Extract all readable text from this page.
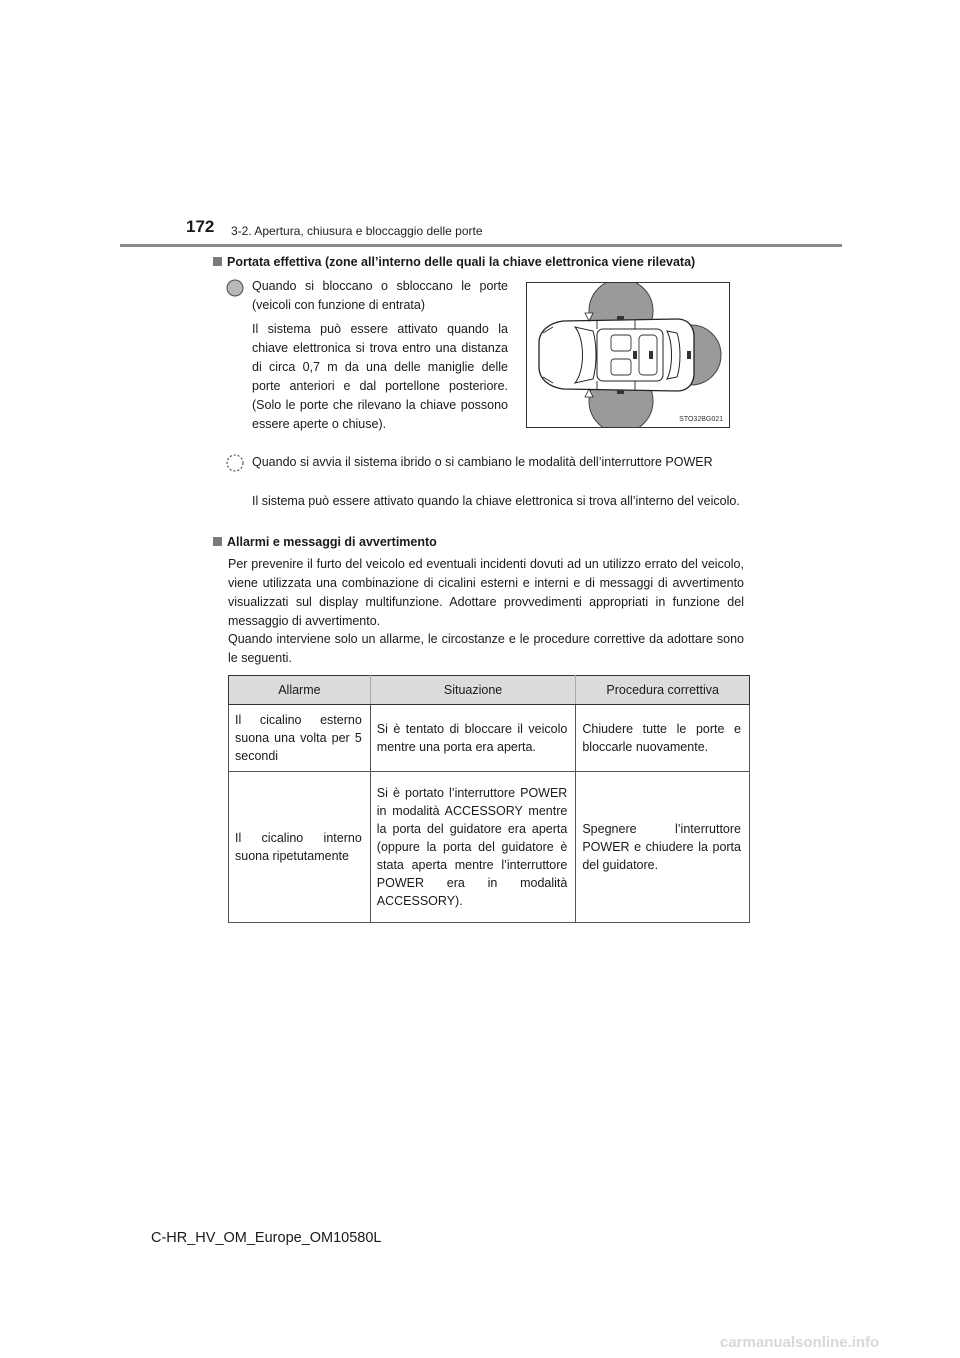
172 3-2. Apertura, chiusura e bloccaggio delle porte
Portata effettiva (zone all’interno delle quali la chiave elettronica viene rilevata)

Quando si bloccano o sbloccano le porte (veicoli con funzione di entrata)

Il sistema può essere attivato quando la chiave elettronica si trova entro una distanza di circa 0,7 m da una delle maniglie delle porte anteriori e dal portellone posteriore. (Solo le porte che rilevano la chiave possono essere aperte o chiuse).	STO32BG021

Quando si avvia il sistema ibrido o si cambiano le modalità dell’interruttore POWER

Il sistema può essere attivato quando la chiave elettronica si trova all’interno del veicolo.

Allarmi e messaggi di avvertimento

Per prevenire il furto del veicolo ed eventuali incidenti dovuti ad un utilizzo errato del veicolo, viene utilizzata una combinazione di cicalini esterni e interni e di messaggi di avvertimento visualizzati sul display multifunzione. Adottare provvedimenti appropriati in funzione del messaggio di avvertimento.

Quando interviene solo un allarme, le circostanze e le procedure correttive da adottare sono le seguenti.

Allarme	Situazione	Procedura correttiva
Il cicalino esterno suona una volta per 5 secondi	Si è tentato di bloccare il veicolo mentre una porta era aperta.	Chiudere tutte le porte e bloccarle nuovamente.
Il cicalino interno suona ripetutamente	Si è portato l’interruttore POWER in modalità ACCESSORY mentre la porta del guidatore era aperta (oppure la porta del guidatore è stata aperta mentre l’interruttore POWER era in modalità ACCESSORY).	Spegnere l’interruttore POWER e chiudere la porta del guidatore.
C-HR_HV_OM_Europe_OM10580L
carmanualsonline.info
